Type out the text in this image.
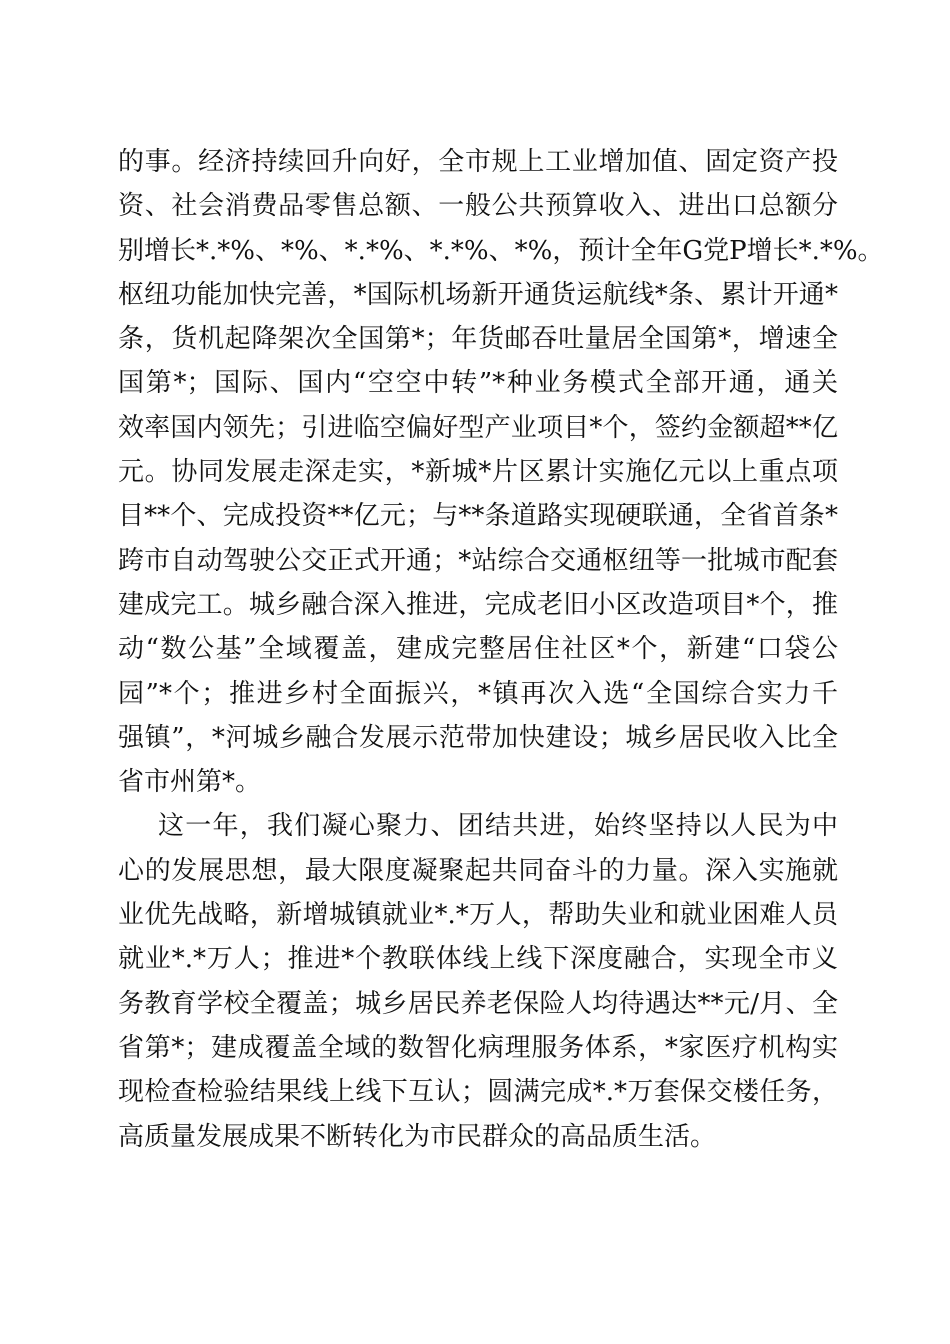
的事。经济持续回升向好，全市规上工业增加值、固定资产投
资、社会消费品零售总额、一般公共预算收入、进出口总额分
别增长*.*%、*%、*.*%、*.*%、*%，预计全年G党P增长*.*%。
枢纽功能加快完善，*国际机场新开通货运航线*条、累计开通*
条，货机起降架次全国第*；年货邮吞吐量居全国第*，增速全
国第*；国际、国内“空空中转”*种业务模式全部开通，通关
效率国内领先；引进临空偏好型产业项目*个，签约金额超**亿
元。协同发展走深走实，*新城*片区累计实施亿元以上重点项
目**个、完成投资**亿元；与**条道路实现硬联通，全省首条*
跨市自动驾驶公交正式开通；*站综合交通枢纽等一批城市配套
建成完工。城乡融合深入推进，完成老旧小区改造项目*个，推
动“数公基”全域覆盖，建成完整居住社区*个，新建“口袋公
园”*个；推进乡村全面振兴，*镇再次入选“全国综合实力千
强镇”，*河城乡融合发展示范带加快建设；城乡居民收入比全
省市州第*。
这一年，我们凝心聚力、团结共进，始终坚持以人民为中
心的发展思想，最大限度凝聚起共同奋斗的力量。深入实施就
业优先战略，新增城镇就业*.*万人，帮助失业和就业困难人员
就业*.*万人；推进*个教联体线上线下深度融合，实现全市义
务教育学校全覆盖；城乡居民养老保险人均待遇达**元/月、全
省第*；建成覆盖全域的数智化病理服务体系，*家医疗机构实
现检查检验结果线上线下互认；圆满完成*.*万套保交楼任务，
高质量发展成果不断转化为市民群众的高品质生活。
